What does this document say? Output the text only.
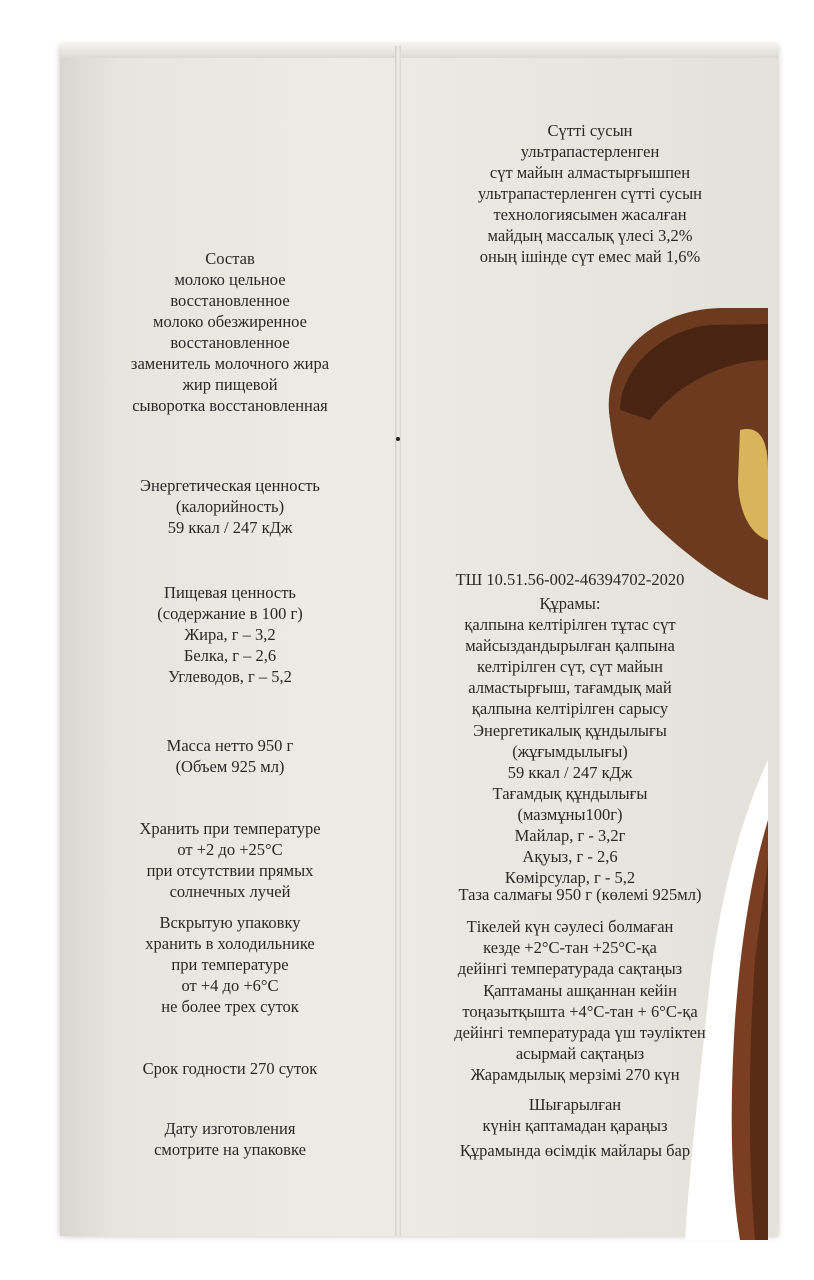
Состав
молоко цельное
восстановленное
молоко обезжиренное
восстановленное
заменитель молочного жира
жир пищевой
сыворотка восстановленная
Энергетическая ценность
(калорийность)
59 ккал / 247 кДж
Пищевая ценность
(содержание в 100 г)
Жира, г – 3,2
Белка, г – 2,6
Углеводов, г – 5,2
Масса нетто 950 г
(Объем 925 мл)
Хранить при температуре
от +2 до +25°С
при отсутствии прямых
солнечных лучей
Вскрытую упаковку
хранить в холодильнике
при температуре
от +4 до +6°С
не более трех суток
Срок годности 270 суток
Дату изготовления
смотрите на упаковке
Сүтті сусын
ультрапастерленген
сүт майын алмастырғышпен
ультрапастерленген сүтті сусын
технологиясымен жасалған
майдың массалық үлесі 3,2%
оның ішінде сүт емес май 1,6%
ТШ 10.51.56-002-46394702-2020
Құрамы:
қалпына келтірілген тұтас сүт
майсыздандырылған қалпына
келтірілген сүт, сүт майын
алмастырғыш, тағамдық май
қалпына келтірілген сарысу
Энергетикалық құндылығы
(жұғымдылығы)
59 ккал / 247 кДж
Тағамдық құндылығы
(мазмұны100г)
Майлар, г - 3,2г
Ақуыз, г - 2,6
Көмірсулар, г - 5,2
Таза салмағы 950 г (көлемі 925мл)
Тікелей күн сәулесі болмаған
кезде +2°С-тан +25°С-қа
дейінгі температурада сақтаңыз
Қаптаманы ашқаннан кейін
тоңазытқышта +4°С-тан + 6°С-қа
дейінгі температурада үш тәуліктен
асырмай сақтаңыз
Жарамдылық мерзімі 270 күн
Шығарылған
күнін қаптамадан қараңыз
Құрамында өсімдік майлары бар
